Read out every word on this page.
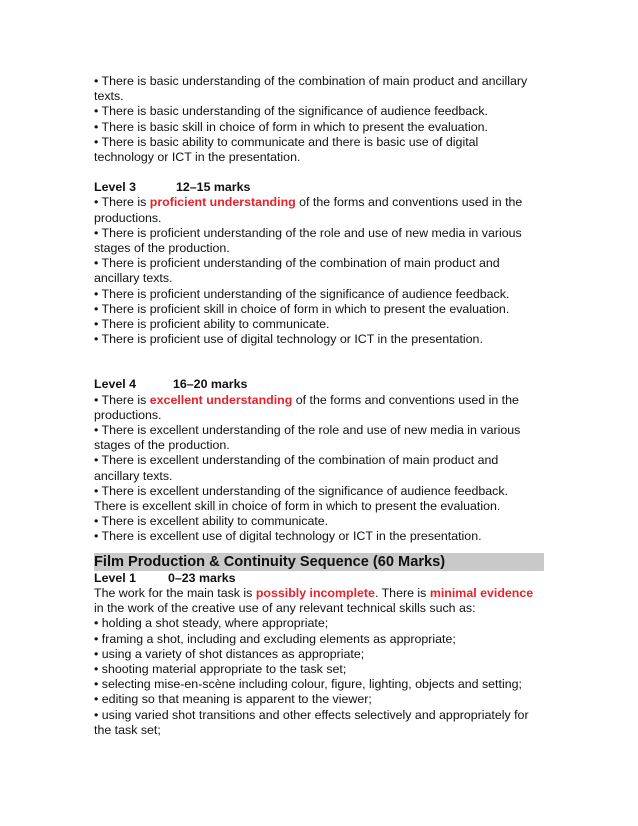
• There is basic understanding of the combination of main product and ancillary
texts.
• There is basic understanding of the significance of audience feedback.
• There is basic skill in choice of form in which to present the evaluation.
• There is basic ability to communicate and there is basic use of digital
technology or ICT in the presentation.
Level 3	12–15 marks
• There is proficient understanding of the forms and conventions used in the
productions.
• There is proficient understanding of the role and use of new media in various
stages of the production.
• There is proficient understanding of the combination of main product and
ancillary texts.
• There is proficient understanding of the significance of audience feedback.
• There is proficient skill in choice of form in which to present the evaluation.
• There is proficient ability to communicate.
• There is proficient use of digital technology or ICT in the presentation.
Level 4	16–20 marks
• There is excellent understanding of the forms and conventions used in the
productions.
• There is excellent understanding of the role and use of new media in various
stages of the production.
• There is excellent understanding of the combination of main product and
ancillary texts.
• There is excellent understanding of the significance of audience feedback.
There is excellent skill in choice of form in which to present the evaluation.
• There is excellent ability to communicate.
• There is excellent use of digital technology or ICT in the presentation.
Film Production & Continuity Sequence (60 Marks)
Level 1	0–23 marks
The work for the main task is possibly incomplete. There is minimal evidence
in the work of the creative use of any relevant technical skills such as:
• holding a shot steady, where appropriate;
• framing a shot, including and excluding elements as appropriate;
• using a variety of shot distances as appropriate;
• shooting material appropriate to the task set;
• selecting mise-en-scène including colour, figure, lighting, objects and setting;
• editing so that meaning is apparent to the viewer;
• using varied shot transitions and other effects selectively and appropriately for
the task set;
